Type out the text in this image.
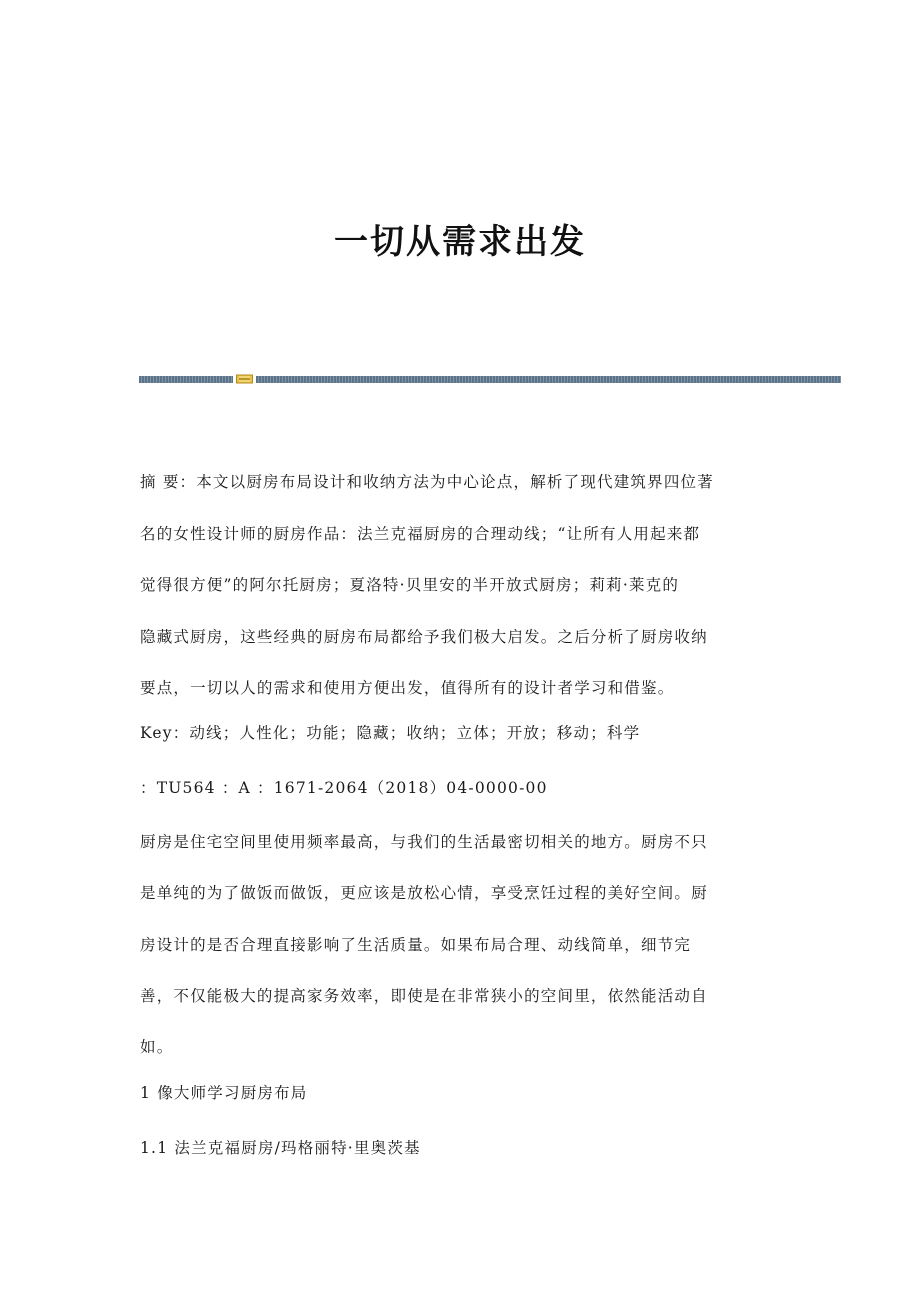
一切从需求出发
摘 要：本文以厨房布局设计和收纳方法为中心论点，解析了现代建筑界四位著
名的女性设计师的厨房作品：法兰克福厨房的合理动线；“让所有人用起来都
觉得很方便”的阿尔托厨房；夏洛特·贝里安的半开放式厨房；莉莉·莱克的
隐藏式厨房，这些经典的厨房布局都给予我们极大启发。之后分析了厨房收纳
要点，一切以人的需求和使用方便出发，值得所有的设计者学习和借鉴。
Key：动线；人性化；功能；隐藏；收纳；立体；开放；移动；科学
：TU564 ：A ：1671-2064（2018）04-0000-00
厨房是住宅空间里使用频率最高，与我们的生活最密切相关的地方。厨房不只
是单纯的为了做饭而做饭，更应该是放松心情，享受烹饪过程的美好空间。厨
房设计的是否合理直接影响了生活质量。如果布局合理、动线简单，细节完
善，不仅能极大的提高家务效率，即使是在非常狭小的空间里，依然能活动自
如。
1 像大师学习厨房布局
1.1 法兰克福厨房/玛格丽特·里奥茨基
